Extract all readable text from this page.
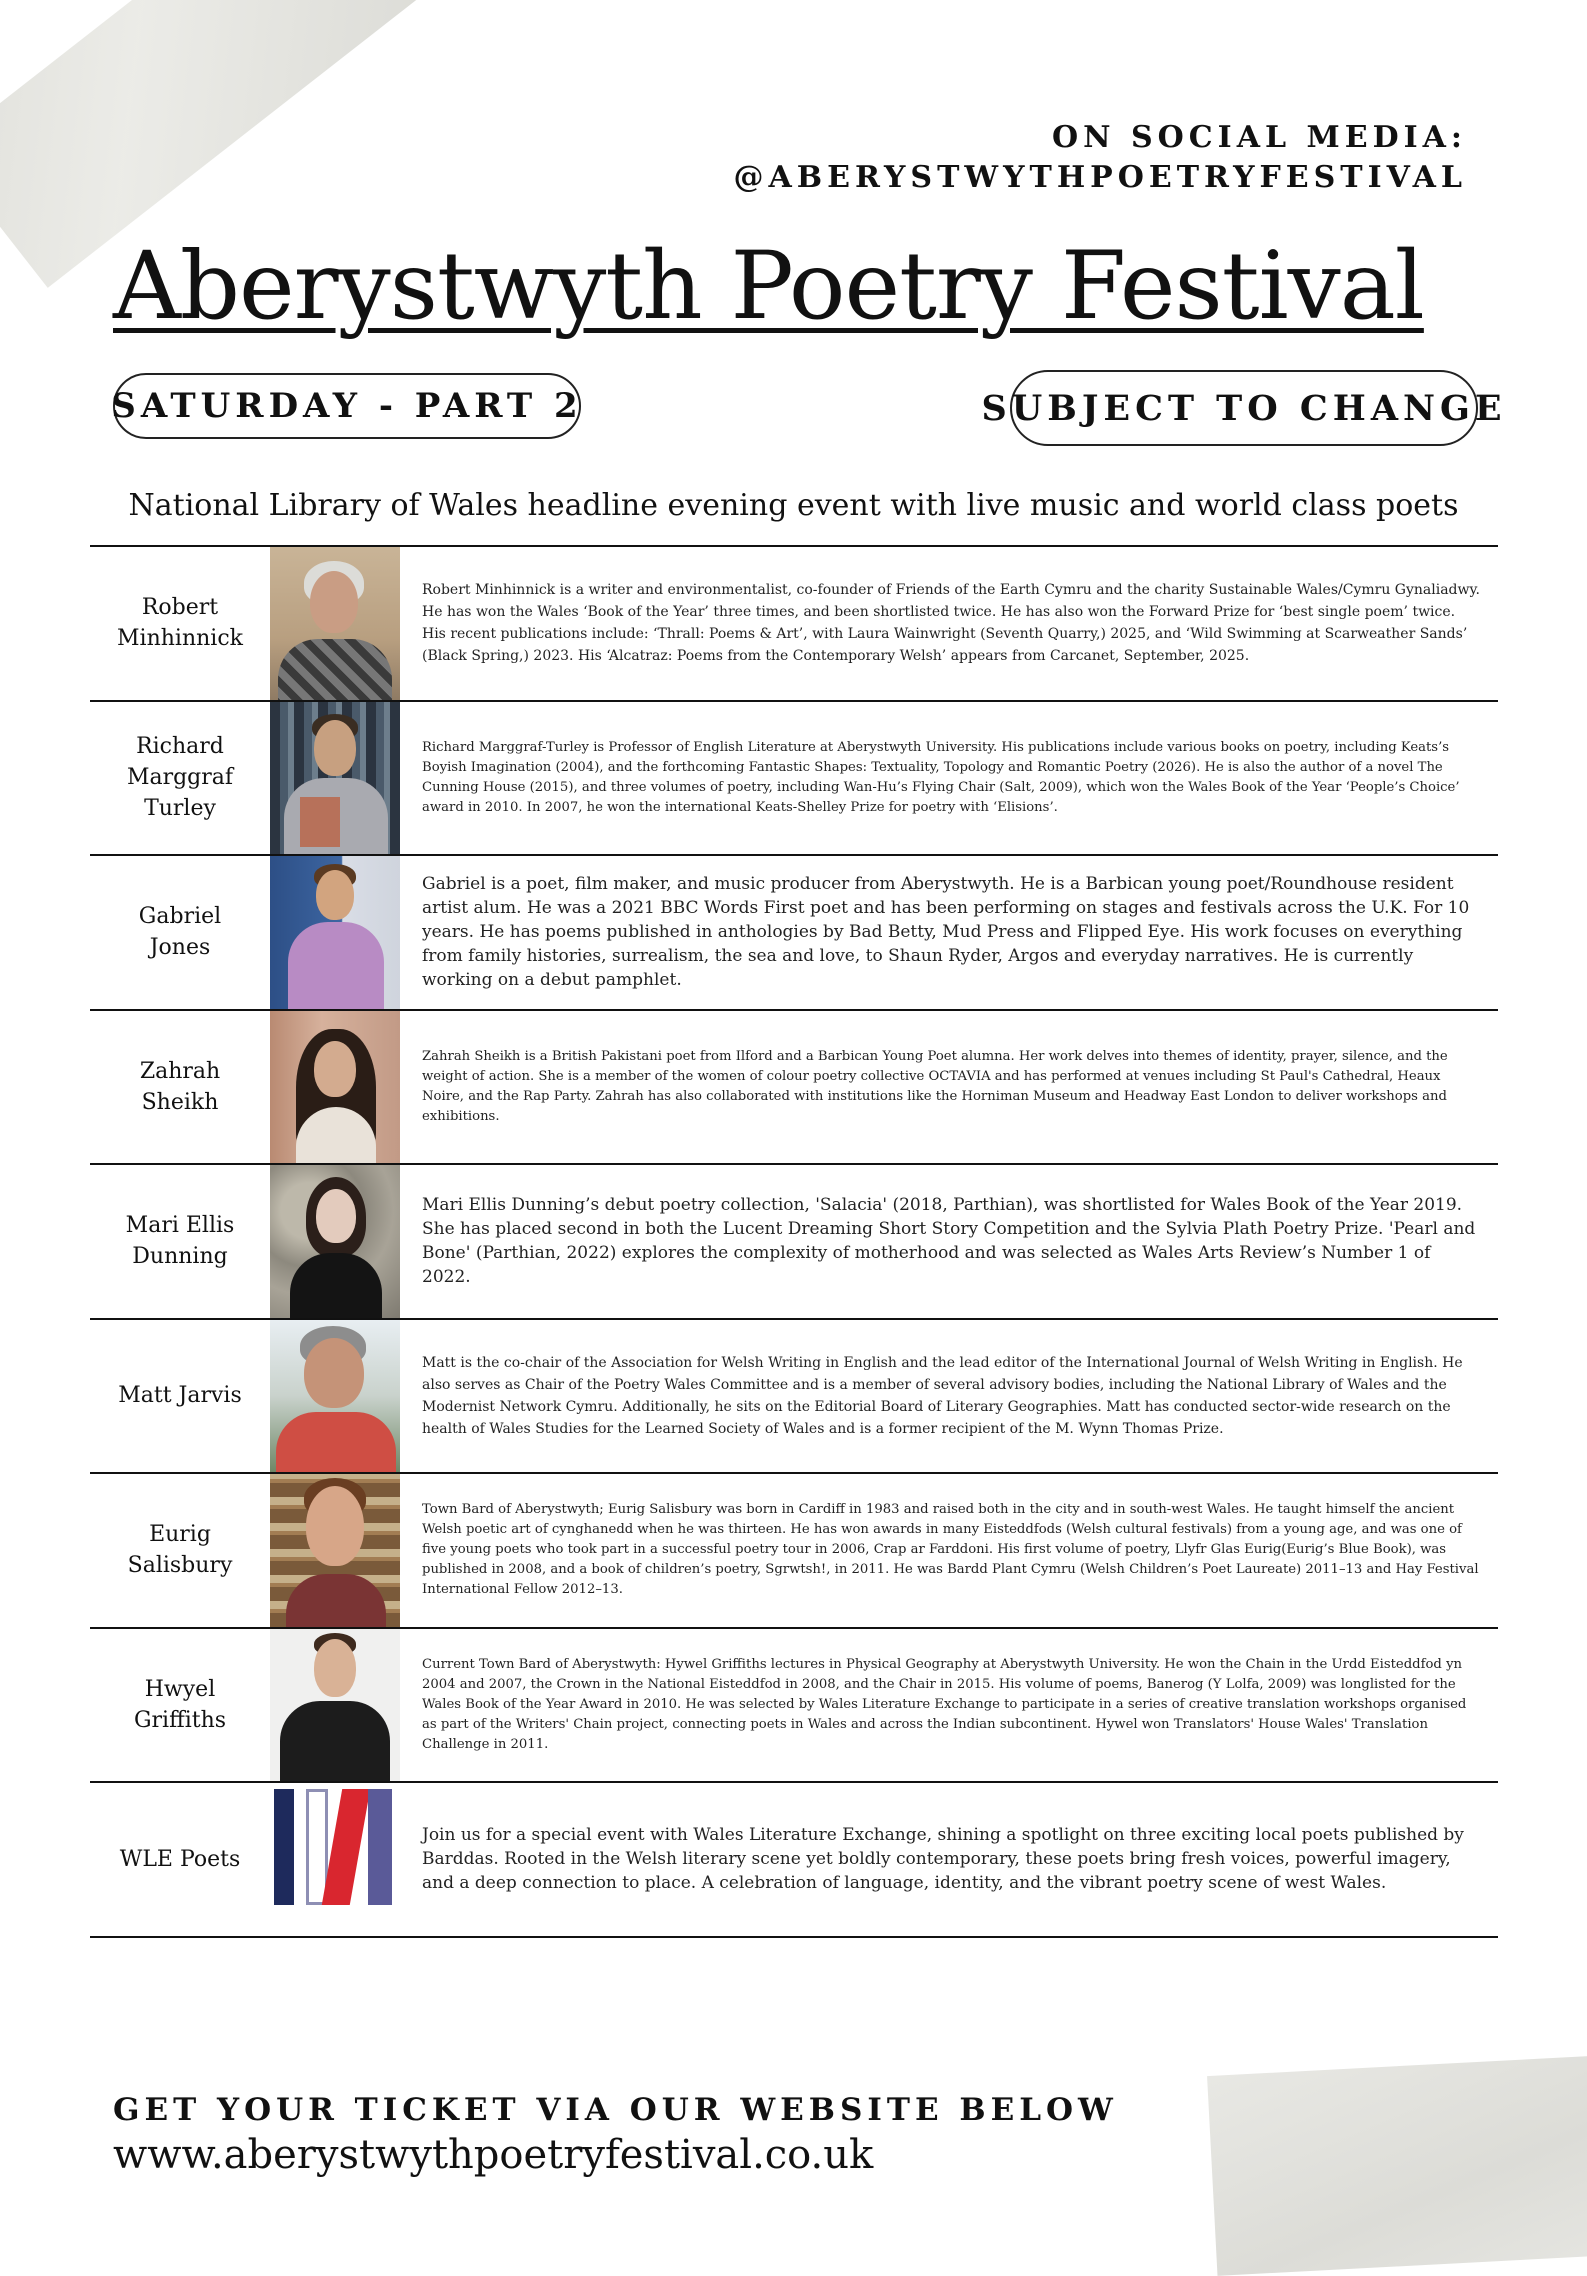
ON SOCIAL MEDIA:
@ABERYSTWYTHPOETRYFESTIVAL
Aberystwyth Poetry Festival
SATURDAY - PART 2	SUBJECT TO CHANGE
National Library of Wales headline evening event with live music and world class poets
Robert
Minhinnick
Robert Minhinnick is a writer and environmentalist, co-founder of Friends of the Earth Cymru and the charity Sustainable Wales/Cymru Gynaliadwy. He has won the Wales ‘Book of the Year’ three times, and been shortlisted twice. He has also won the Forward Prize for ‘best single poem’ twice. His recent publications include: ‘Thrall: Poems & Art’, with Laura Wainwright (Seventh Quarry,) 2025, and ‘Wild Swimming at Scarweather Sands’ (Black Spring,) 2023. His ‘Alcatraz: Poems from the Contemporary Welsh’ appears from Carcanet, September, 2025.
Richard
Marggraf
Turley
Richard Marggraf-Turley is Professor of English Literature at Aberystwyth University. His publications include various books on poetry, including Keats’s Boyish Imagination (2004), and the forthcoming Fantastic Shapes: Textuality, Topology and Romantic Poetry (2026). He is also the author of a novel The Cunning House (2015), and three volumes of poetry, including Wan-Hu’s Flying Chair (Salt, 2009), which won the Wales Book of the Year ‘People’s Choice’ award in 2010. In 2007, he won the international Keats-Shelley Prize for poetry with ‘Elisions’.
Gabriel
Jones
Gabriel is a poet, film maker, and music producer from Aberystwyth. He is a Barbican young poet/Roundhouse resident artist alum. He was a 2021 BBC Words First poet and has been performing on stages and festivals across the U.K. For 10 years. He has poems published in anthologies by Bad Betty, Mud Press and Flipped Eye. His work focuses on everything from family histories, surrealism, the sea and love, to Shaun Ryder, Argos and everyday narratives. He is currently working on a debut pamphlet.
Zahrah
Sheikh
Zahrah Sheikh is a British Pakistani poet from Ilford and a Barbican Young Poet alumna. Her work delves into themes of identity, prayer, silence, and the weight of action. She is a member of the women of colour poetry collective OCTAVIA and has performed at venues including St Paul's Cathedral, Heaux Noire, and the Rap Party. Zahrah has also collaborated with institutions like the Horniman Museum and Headway East London to deliver workshops and exhibitions.
Mari Ellis
Dunning
Mari Ellis Dunning’s debut poetry collection, 'Salacia' (2018, Parthian), was shortlisted for Wales Book of the Year 2019. She has placed second in both the Lucent Dreaming Short Story Competition and the Sylvia Plath Poetry Prize. 'Pearl and Bone' (Parthian, 2022) explores the complexity of motherhood and was selected as Wales Arts Review’s Number 1 of 2022.
Matt Jarvis
Matt is the co-chair of the Association for Welsh Writing in English and the lead editor of the International Journal of Welsh Writing in English. He also serves as Chair of the Poetry Wales Committee and is a member of several advisory bodies, including the National Library of Wales and the Modernist Network Cymru. Additionally, he sits on the Editorial Board of Literary Geographies. Matt has conducted sector-wide research on the health of Wales Studies for the Learned Society of Wales and is a former recipient of the M. Wynn Thomas Prize.
Eurig
Salisbury
Town Bard of Aberystwyth; Eurig Salisbury was born in Cardiff in 1983 and raised both in the city and in south-west Wales. He taught himself the ancient Welsh poetic art of cynghanedd when he was thirteen. He has won awards in many Eisteddfods (Welsh cultural festivals) from a young age, and was one of five young poets who took part in a successful poetry tour in 2006, Crap ar Farddoni. His first volume of poetry, Llyfr Glas Eurig(Eurig’s Blue Book), was published in 2008, and a book of children’s poetry, Sgrwtsh!, in 2011. He was Bardd Plant Cymru (Welsh Children’s Poet Laureate) 2011–13 and Hay Festival International Fellow 2012–13.
Hwyel
Griffiths
Current Town Bard of Aberystwyth: Hywel Griffiths lectures in Physical Geography at Aberystwyth University. He won the Chain in the Urdd Eisteddfod yn 2004 and 2007, the Crown in the National Eisteddfod in 2008, and the Chair in 2015. His volume of poems, Banerog (Y Lolfa, 2009) was longlisted for the Wales Book of the Year Award in 2010. He was selected by Wales Literature Exchange to participate in a series of creative translation workshops organised as part of the Writers' Chain project, connecting poets in Wales and across the Indian subcontinent. Hywel won Translators' House Wales' Translation Challenge in 2011.
WLE Poets
Join us for a special event with Wales Literature Exchange, shining a spotlight on three exciting local poets published by Barddas. Rooted in the Welsh literary scene yet boldly contemporary, these poets bring fresh voices, powerful imagery, and a deep connection to place. A celebration of language, identity, and the vibrant poetry scene of west Wales.
GET YOUR TICKET VIA OUR WEBSITE BELOW
www.aberystwythpoetryfestival.co.uk
